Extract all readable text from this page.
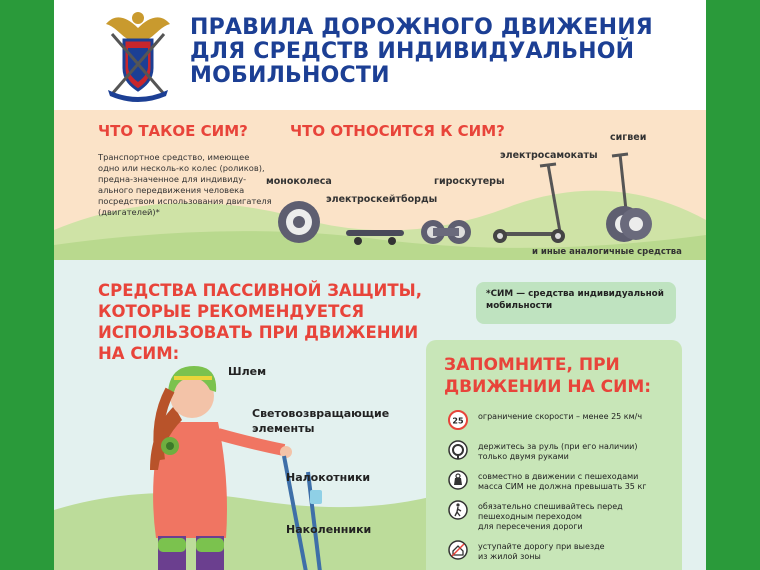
ПРАВИЛА ДОРОЖНОГО ДВИЖЕНИЯ
ДЛЯ СРЕДСТВ ИНДИВИДУАЛЬНОЙ
МОБИЛЬНОСТИ
ЧТО ТАКОЕ СИМ?	ЧТО ОТНОСИТСЯ К СИМ?
Транспортное средство, имеющее одно или несколь-ко колес (роликов), предна-значенное для индивиду-ального передвижения человека посредством использования двигателя (двигателей)*
моноколеса
электроскейтборды
гироскутеры
электросамокаты
сигвеи
и иные аналогичные средства
СРЕДСТВА ПАССИВНОЙ ЗАЩИТЫ,
КОТОРЫЕ РЕКОМЕНДУЕТСЯ
ИСПОЛЬЗОВАТЬ ПРИ ДВИЖЕНИИ
НА СИМ:
Шлем
Световозвращающие элементы
Налокотники
Наколенники
*СИМ — средства индивидуальной мобильности
ЗАПОМНИТЕ, ПРИ
ДВИЖЕНИИ НА СИМ:
25 ограничение скорости – менее 25 км/ч
держитесь за руль (при его наличии)
только двумя руками
совместно в движении с пешеходами
масса СИМ не должна превышать 35 кг
обязательно спешивайтесь перед
пешеходным переходом
для пересечения дороги
уступайте дорогу при выезде
из жилой зоны
